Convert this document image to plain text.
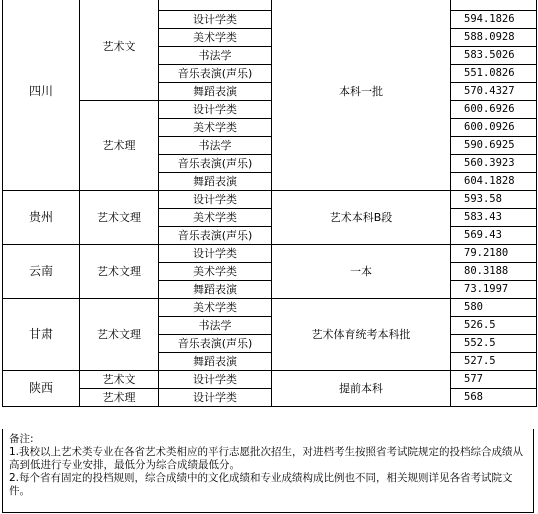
四川	艺术文		本科一批	
		设计学类		594.1826
		美术学类		588.0928
		书法学		583.5026
		音乐表演(声乐)		551.0826
		舞蹈表演		570.4327
	艺术理	设计学类		600.6926
		美术学类		600.0926
		书法学		590.6925
		音乐表演(声乐)		560.3923
		舞蹈表演		604.1828
贵州	艺术文理	设计学类	艺术本科B段	593.58
		美术学类		583.43
		音乐表演(声乐)		569.43
云南	艺术文理	设计学类	一本	79.2180
		美术学类		80.3188
		舞蹈表演		73.1997
甘肃	艺术文理	美术学类	艺术体育统考本科批	580
		书法学		526.5
		音乐表演(声乐)		552.5
		舞蹈表演		527.5
陕西	艺术文	设计学类	提前本科	577
	艺术理	设计学类		568
备注:
1.我校以上艺术类专业在各省艺术类相应的平行志愿批次招生，对进档考生按照省考试院规定的投档综合成绩从高到低进行专业安排，最低分为综合成绩最低分。
2.每个省有固定的投档规则，综合成绩中的文化成绩和专业成绩构成比例也不同，相关规则详见各省考试院文件。
